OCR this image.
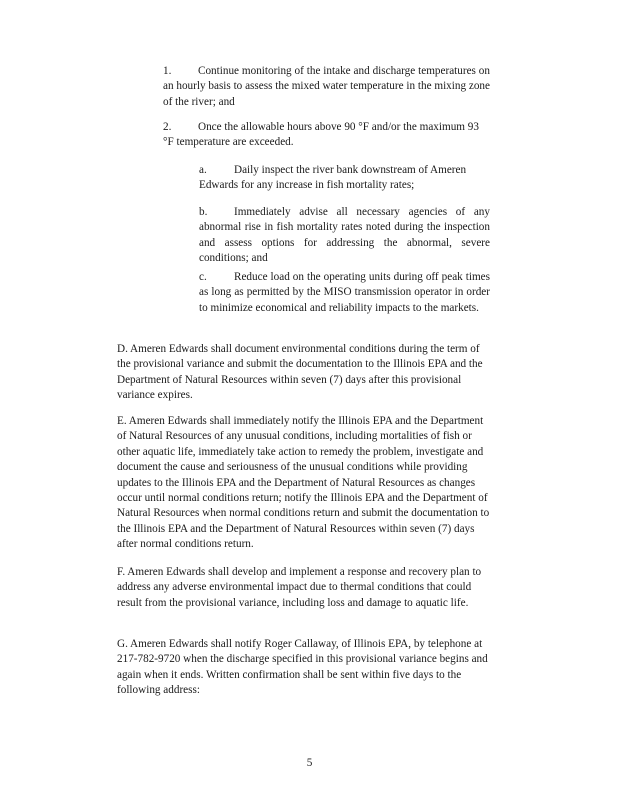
1.	Continue monitoring of the intake and discharge temperatures on an hourly basis to assess the mixed water temperature in the mixing zone of the river; and

2.	Once the allowable hours above 90 °F and/or the maximum 93 °F temperature are exceeded.

a.	Daily inspect the river bank downstream of Ameren Edwards for any increase in fish mortality rates;

b.	Immediately advise all necessary agencies of any abnormal rise in fish mortality rates noted during the inspection and assess options for addressing the abnormal, severe conditions; and

c.	Reduce load on the operating units during off peak times as long as permitted by the MISO transmission operator in order to minimize economical and reliability impacts to the markets.

D. Ameren Edwards shall document environmental conditions during the term of the provisional variance and submit the documentation to the Illinois EPA and the Department of Natural Resources within seven (7) days after this provisional variance expires.

E. Ameren Edwards shall immediately notify the Illinois EPA and the Department of Natural Resources of any unusual conditions, including mortalities of fish or other aquatic life, immediately take action to remedy the problem, investigate and document the cause and seriousness of the unusual conditions while providing updates to the Illinois EPA and the Department of Natural Resources as changes occur until normal conditions return; notify the Illinois EPA and the Department of Natural Resources when normal conditions return and submit the documentation to the Illinois EPA and the Department of Natural Resources within seven (7) days after normal conditions return.

F. Ameren Edwards shall develop and implement a response and recovery plan to address any adverse environmental impact due to thermal conditions that could result from the provisional variance, including loss and damage to aquatic life.

G. Ameren Edwards shall notify Roger Callaway, of Illinois EPA, by telephone at 217-782-9720 when the discharge specified in this provisional variance begins and again when it ends. Written confirmation shall be sent within five days to the following address:

5
